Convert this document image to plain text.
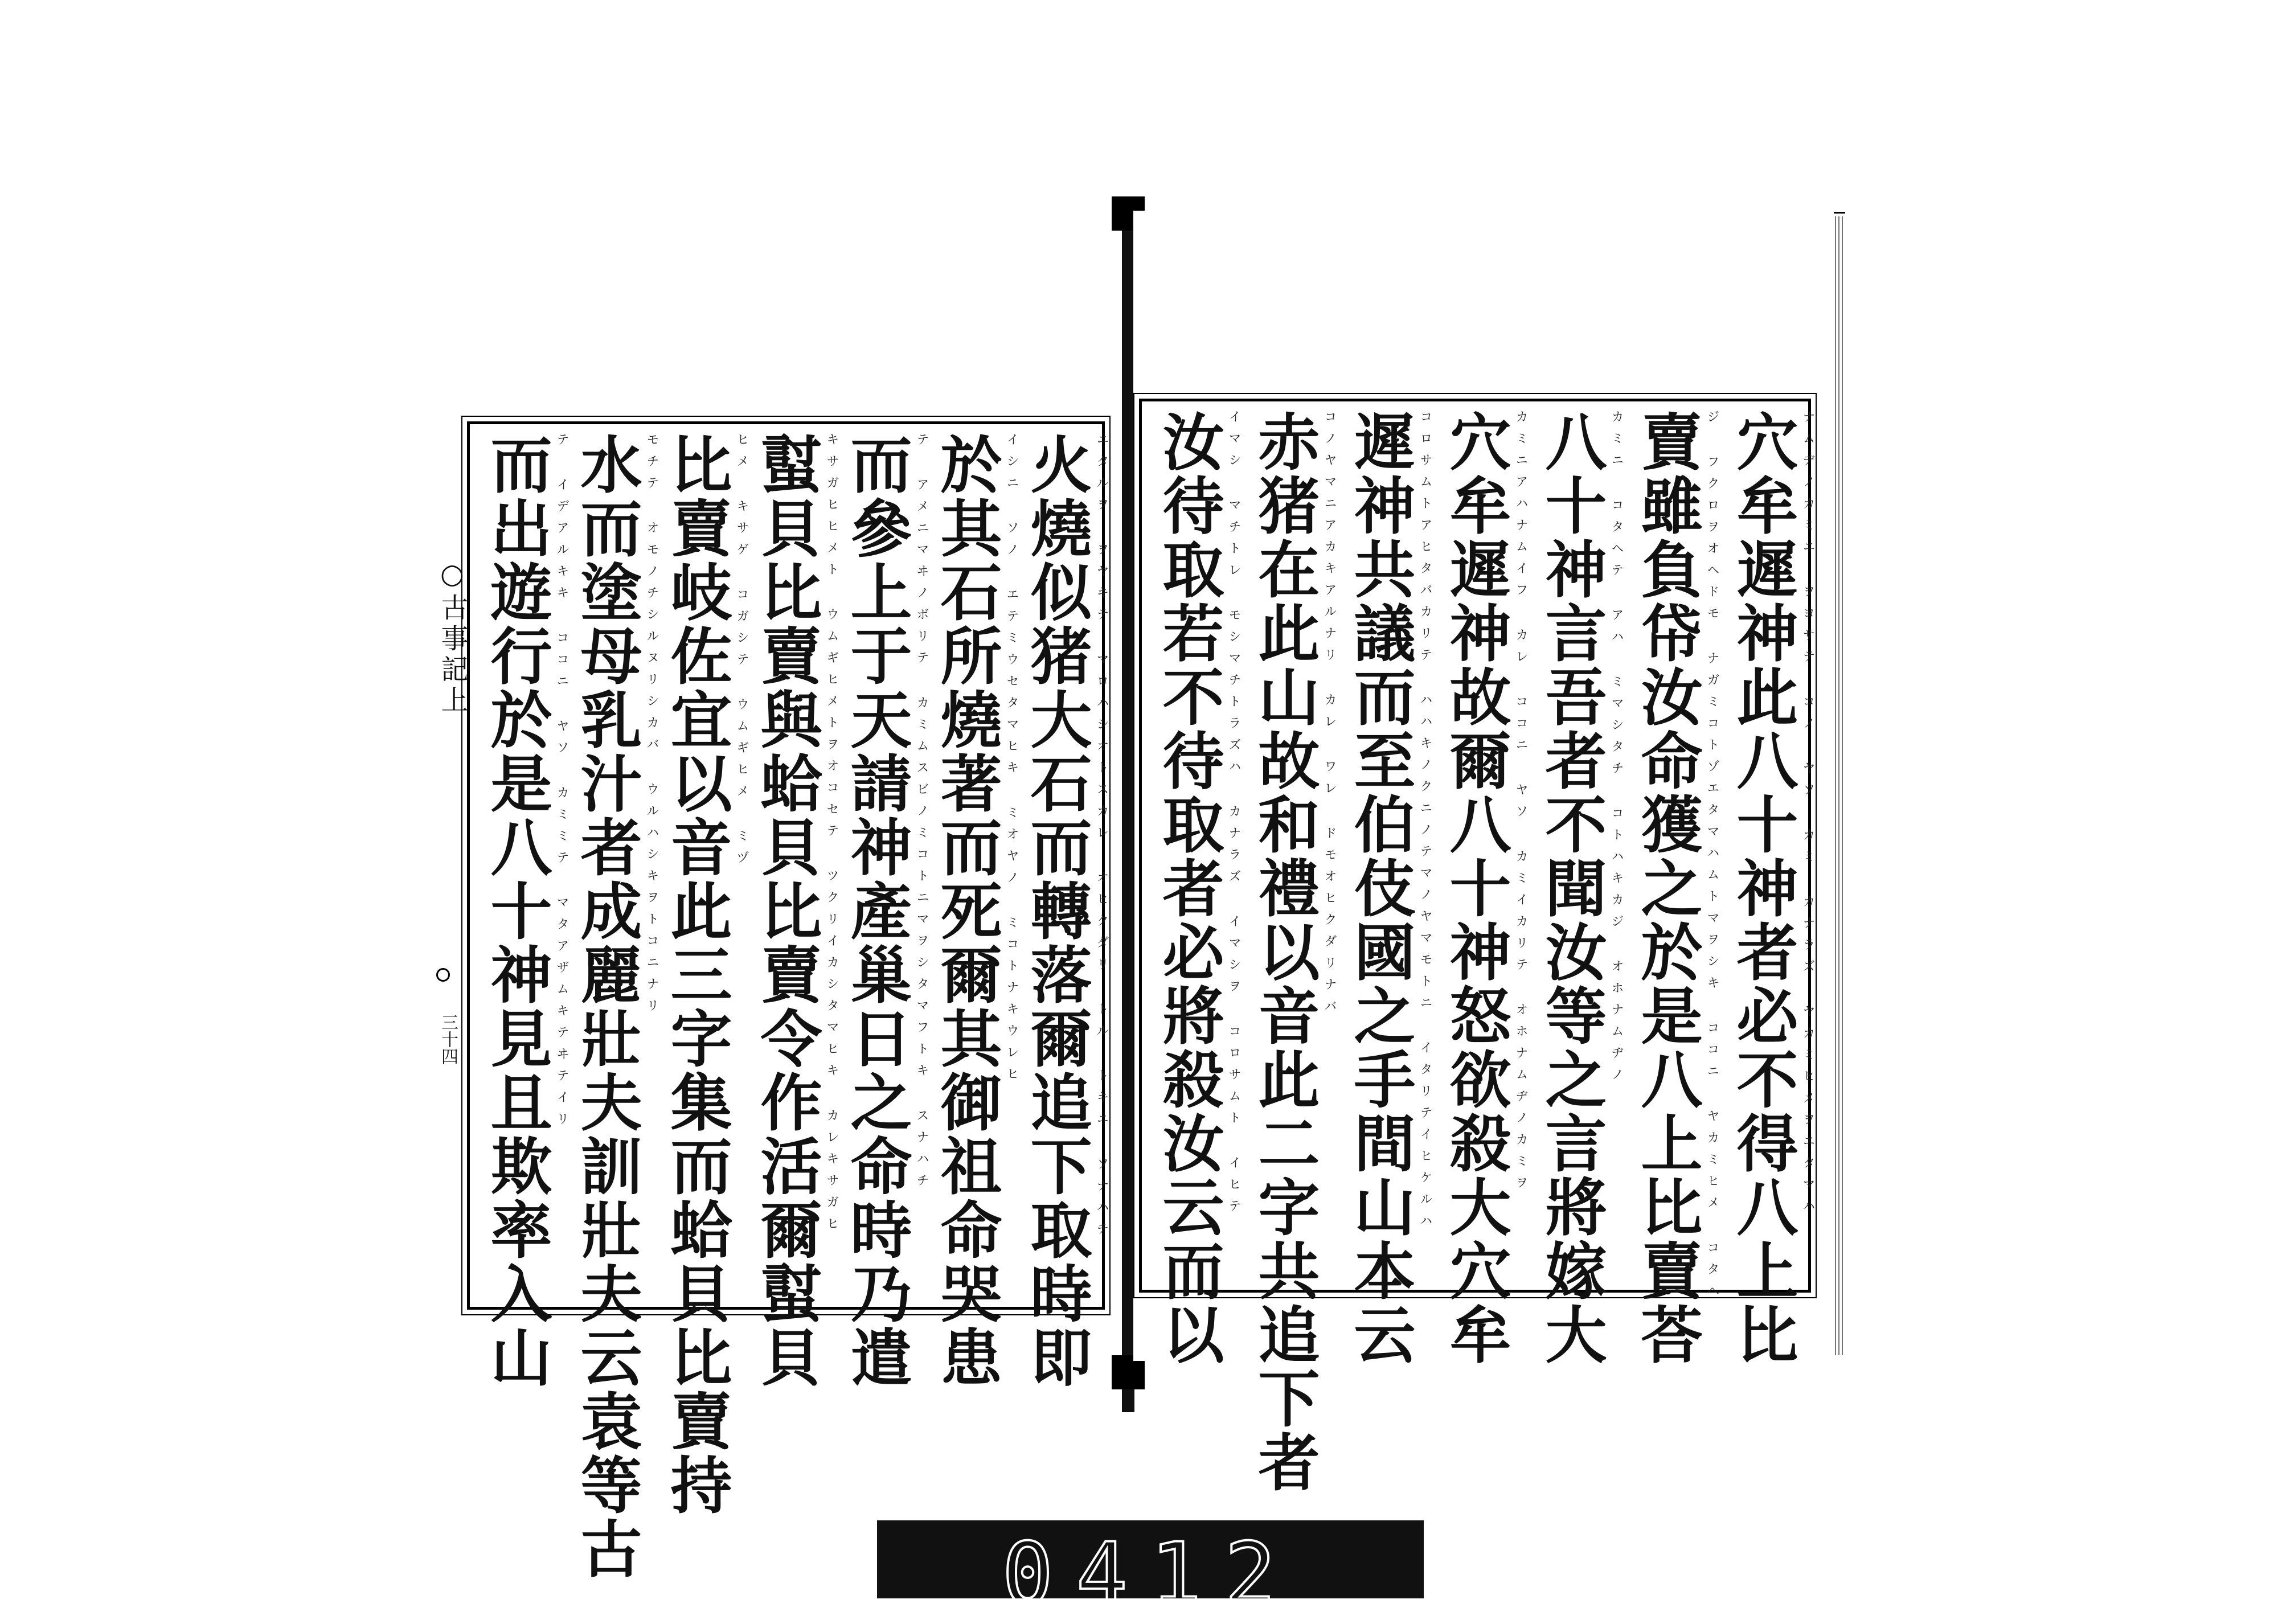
○古事記上
三十四	火燒似猪大石而轉落爾追下取時即 ニタルヲ ヲヤキテ マロハシオトスカレ オヒクダリ トル トキニ ソナハチ
於其石所燒著而死爾其御祖命哭患 イシニ ソノ エテミウセタマヒキ ミオヤノ ミコトナキウレヒ
而參上于天請神產巢日之命時乃遣 テ アメニマヰノボリテ カミムスビノミコトニマヲシタマフトキ スナハチ
𧏛貝比賣與蛤貝比賣令作活爾𧏛貝 キサガヒヒメト ウムギヒメトヲオコセテ ツクリイカシタマヒキ カレキサガヒ
比賣岐佐宜以音此三字集而蛤貝比賣持 ヒメ キサゲ コガシテ ウムギヒメ ミヅ
水而塗母乳汁者成麗壯夫訓壯夫云袁等古 モチテ オモノチシルヌリシカバ ウルハシキヲトコニナリ
而出遊行於是八十神見且欺率入山 テ イデアルキキ ココニ ヤソ カミミテ マタアザムキテヰテイリ	穴牟遲神此八十神者必不得八上比 ナムヂノカミニ ヲヨサテ コノ ヤソ カミ カナラズ ヤカミヒメヲエタマハ
賣雖負帒汝命獲之於是八上比賣荅 ジ フクロヲオヘドモ ナガミコトゾエタマハムトマヲシキ ココニ ヤカミヒメ コタヘ
八十神言吾者不聞汝等之言將嫁大 カミニ コタヘテ アハ ミマシタチ コトハキカジ オホナムヂノ
穴牟遲神故爾八十神怒欲殺大穴牟 カミニアハナムイフ カレ ココニ ヤソ カミイカリテ オホナムヂノカミヲ
遲神共議而至伯伎國之手間山本云 コロサムトアヒタバカリテ ハハキノクニノテマノヤマモトニ イタリテイヒケルハ
赤猪在此山故和禮以音此二字共追下者 コノヤマニアカキアルナリ カレ ワレ ドモオヒクダリナバ
汝待取若不待取者必將殺汝云而以 イマシ マチトレ モシマチトラズハ カナラズ イマシヲ コロサムト イヒテ
0412
